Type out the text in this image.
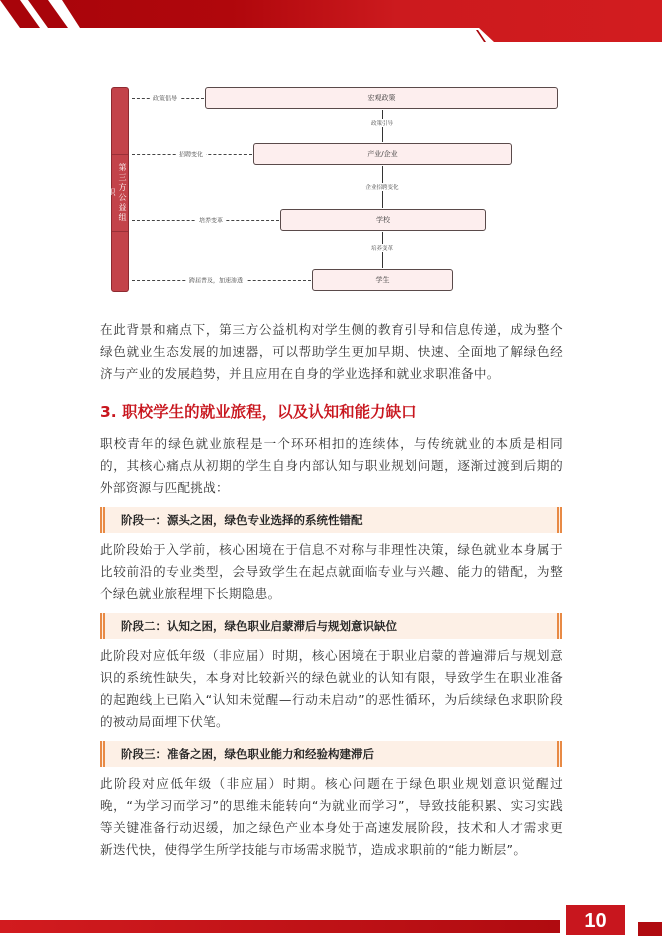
第三方公益组织
宏观政策
产业/企业
学校
学生
政策引导
企业招聘变化
培养变革
政策倡导
招聘变化
培养变革
跨届普及，加速渗透
在此背景和痛点下，第三方公益机构对学生侧的教育引导和信息传递，成为整个绿色就业生态发展的加速器，可以帮助学生更加早期、快速、全面地了解绿色经济与产业的发展趋势，并且应用在自身的学业选择和就业求职准备中。
3. 职校学生的就业旅程，以及认知和能力缺口
职校青年的绿色就业旅程是一个环环相扣的连续体，与传统就业的本质是相同的，其核心痛点从初期的学生自身内部认知与职业规划问题，逐渐过渡到后期的外部资源与匹配挑战：
阶段一：源头之困，绿色专业选择的系统性错配
此阶段始于入学前，核心困境在于信息不对称与非理性决策，绿色就业本身属于比较前沿的专业类型，会导致学生在起点就面临专业与兴趣、能力的错配，为整个绿色就业旅程埋下长期隐患。
阶段二：认知之困，绿色职业启蒙滞后与规划意识缺位
此阶段对应低年级（非应届）时期，核心困境在于职业启蒙的普遍滞后与规划意识的系统性缺失，本身对比较新兴的绿色就业的认知有限，导致学生在职业准备的起跑线上已陷入“认知未觉醒—行动未启动”的恶性循环，为后续绿色求职阶段的被动局面埋下伏笔。
阶段三：准备之困，绿色职业能力和经验构建滞后
此阶段对应低年级（非应届）时期。核心问题在于绿色职业规划意识觉醒过晚，“为学习而学习”的思维未能转向“为就业而学习”，导致技能积累、实习实践等关键准备行动迟缓，加之绿色产业本身处于高速发展阶段，技术和人才需求更新迭代快，使得学生所学技能与市场需求脱节，造成求职前的“能力断层”。
10
